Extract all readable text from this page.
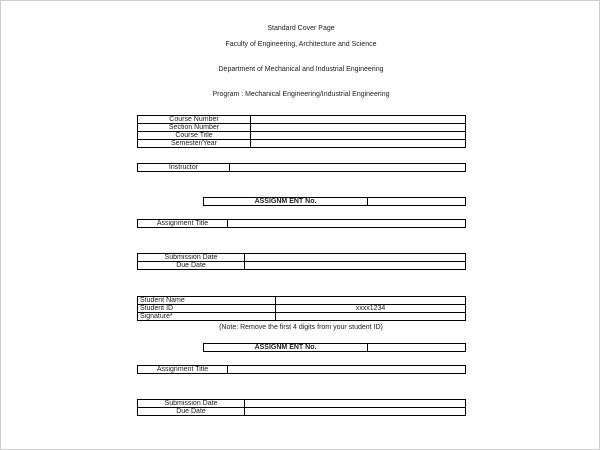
Standard Cover Page
Faculty of Engineering, Architecture and Science
Department of Mechanical and Industrial Engineering
Program : Mechanical Engineering/Industrial Engineering
Course Number	
Section Number	
Course Title	
Semester/Year	
Instructor	
ASSIGNM ENT No.	
Assignment Title	
Submission Date	
Due Date	
Student Name	
Student ID	xxxx1234
Signature*	
(Note: Remove the first 4 digits from your student ID)
ASSIGNM ENT No.	
Assignment Title	
Submission Date	
Due Date	
